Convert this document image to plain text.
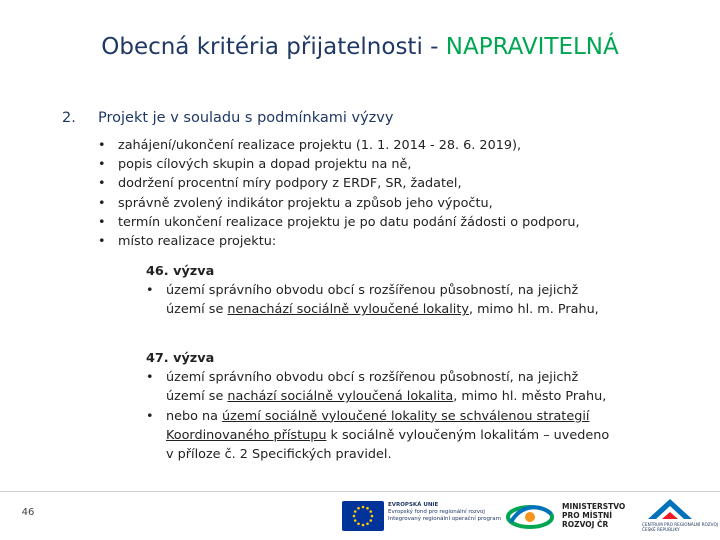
Obecná kritéria přijatelnosti - NAPRAVITELNÁ
2. Projekt je v souladu s podmínkami výzvy
• zahájení/ukončení realizace projektu (1. 1. 2014 - 28. 6. 2019),
• popis cílových skupin a dopad projektu na ně,
• dodržení procentní míry podpory z ERDF, SR, žadatel,
• správně zvolený indikátor projektu a způsob jeho výpočtu,
• termín ukončení realizace projektu je po datu podání žádosti o podporu,
• místo realizace projektu:
46. výzva
• území správního obvodu obcí s rozšířenou působností, na jejichž
území se nenachází sociálně vyloučené lokality, mimo hl. m. Prahu,
47. výzva
• území správního obvodu obcí s rozšířenou působností, na jejichž
území se nachází sociálně vyloučená lokalita, mimo hl. město Prahu,
• nebo na území sociálně vyloučené lokality se schválenou strategií
Koordinovaného přístupu k sociálně vyloučeným lokalitám – uvedeno
v příloze č. 2 Specifických pravidel.
46
EVROPSKÁ UNIE
Evropský fond pro regionální rozvoj
Integrovaný regionální operační program
MINISTERSTVO
PRO MÍSTNÍ
ROZVOJ ČR	CENTRUM PRO REGIONÁLNÍ ROZVOJ
ČESKÉ REPUBLIKY
